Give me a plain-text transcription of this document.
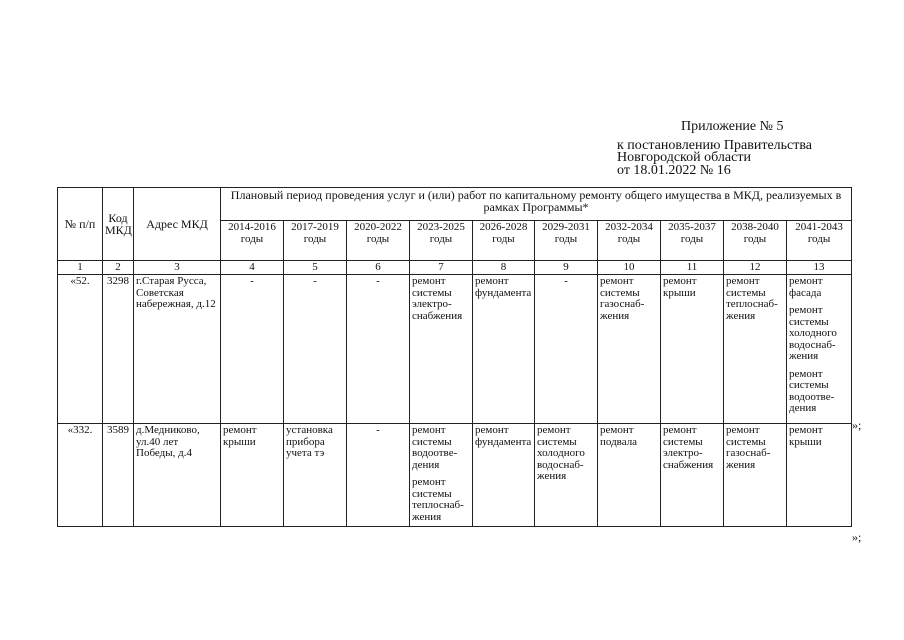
Приложение № 5
к постановлению Правительства
Новгородской области
от 18.01.2022 № 16
№ п/п	Код МКД	Адрес МКД	Плановый период проведения услуг и (или) работ по капитальному ремонту общего имущества в МКД, реализуемых в рамках Программы*									
			2014-2016 годы	2017-2019 годы	2020-2022 годы	2023-2025 годы	2026-2028 годы	2029-2031 годы	2032-2034 годы	2035-2037 годы	2038-2040 годы	2041-2043 годы
1	2	3	4	5	6	7	8	9	10	11	12	13
«52.	3298	г.Старая Русса, Советская набережная, д.12	-	-	-	ремонт системы электро-снабжения	ремонт фундамента	-	ремонт системы газоснаб-жения	ремонт крыши	ремонт системы теплоснаб-жения	ремонт фасада
ремонт системы холодного водоснаб-жения
ремонт системы водоотве-дения

«332.	3589	д.Медниково, ул.40 лет Победы, д.4	ремонт крыши	установка прибора учета тэ	-	ремонт системы водоотве-дения
ремонт системы теплоснаб-жения	ремонт фундамента	ремонт системы холодного водоснаб-жения	ремонт подвала	ремонт системы электро-снабжения	ремонт системы газоснаб-жения	ремонт крыши
»;
»;
